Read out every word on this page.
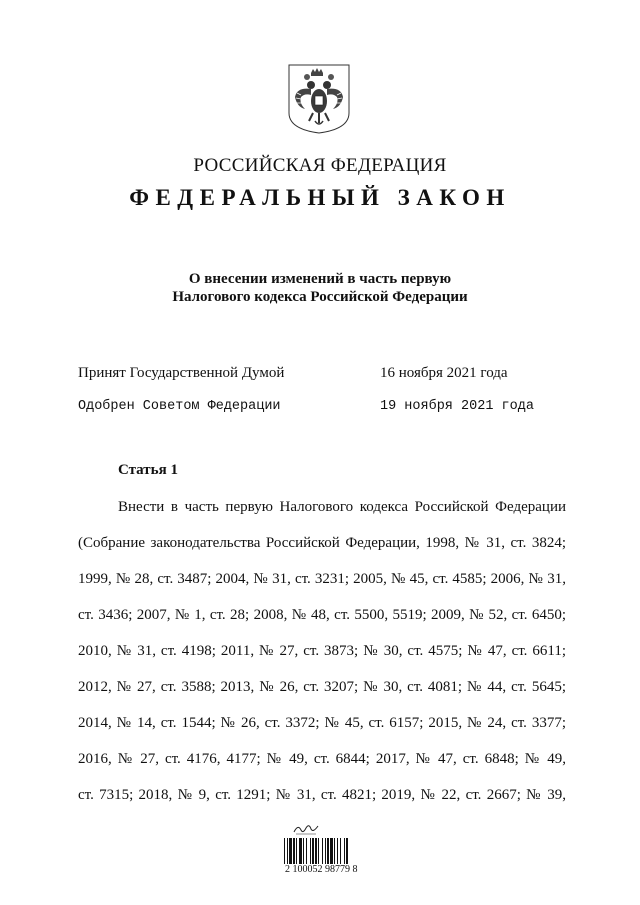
РОССИЙСКАЯ ФЕДЕРАЦИЯ
ФЕДЕРАЛЬНЫЙ ЗАКОН
О внесении изменений в часть первую
Налогового кодекса Российской Федерации
Принят Государственной Думой	16 ноября 2021 года
Одобрен Советом Федерации	19 ноября 2021 года
Статья 1
Внести в часть первую Налогового кодекса Российской Федерации
(Собрание законодательства Российской Федерации, 1998, № 31, ст. 3824;
1999, № 28, ст. 3487; 2004, № 31, ст. 3231; 2005, № 45, ст. 4585; 2006, № 31,
ст. 3436; 2007, № 1, ст. 28; 2008, № 48, ст. 5500, 5519; 2009, № 52, ст. 6450;
2010, № 31, ст. 4198; 2011, № 27, ст. 3873; № 30, ст. 4575; № 47, ст. 6611;
2012, № 27, ст. 3588; 2013, № 26, ст. 3207; № 30, ст. 4081; № 44, ст. 5645;
2014, № 14, ст. 1544; № 26, ст. 3372; № 45, ст. 6157; 2015, № 24, ст. 3377;
2016, № 27, ст. 4176, 4177; № 49, ст. 6844; 2017, № 47, ст. 6848; № 49,
ст. 7315; 2018, № 9, ст. 1291; № 31, ст. 4821; 2019, № 22, ст. 2667; № 39,
2 100052 98779 8
